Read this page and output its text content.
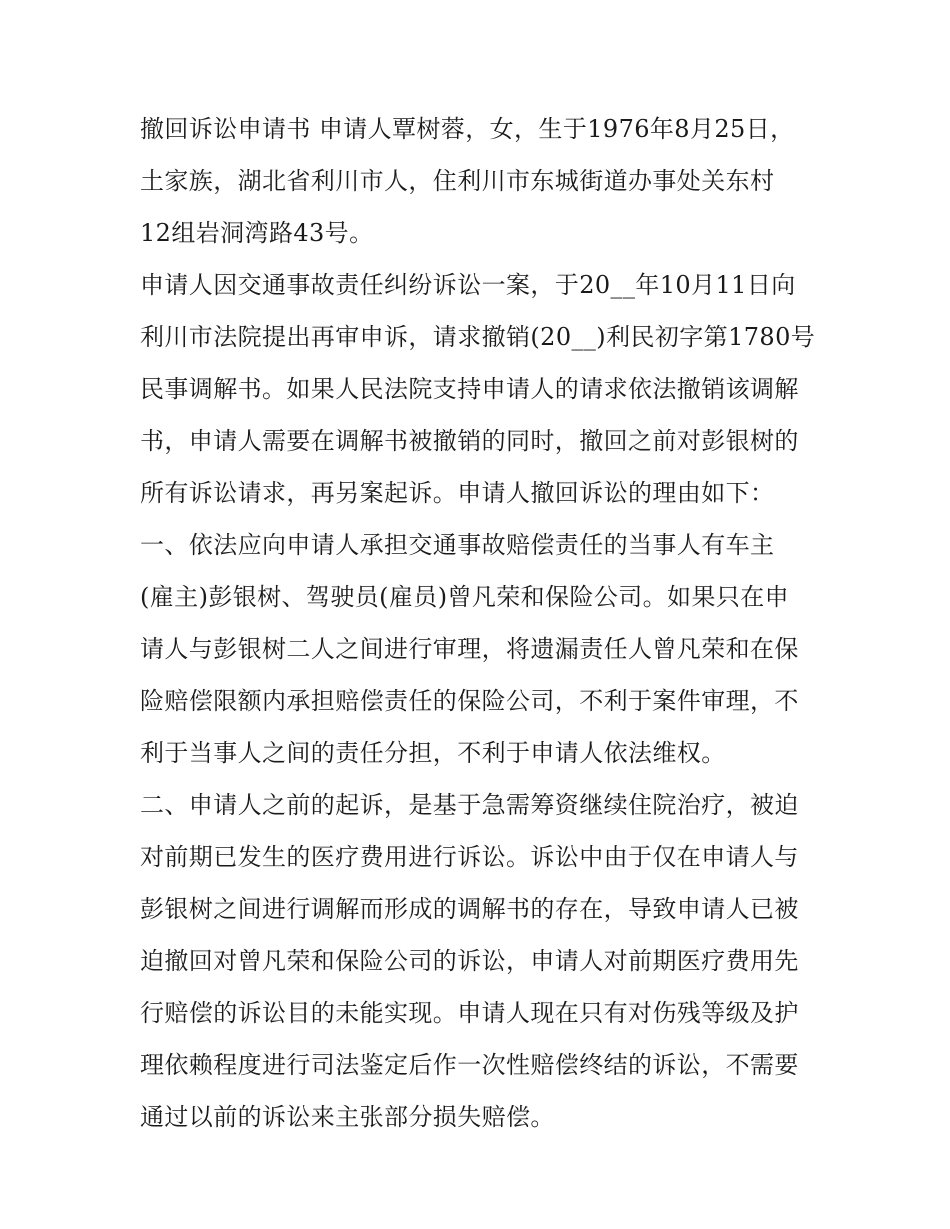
撤回诉讼申请书 申请人覃树蓉，女，生于1976年8月25日，
土家族，湖北省利川市人，住利川市东城街道办事处关东村
12组岩洞湾路43号。
申请人因交通事故责任纠纷诉讼一案，于20__年10月11日向
利川市法院提出再审申诉，请求撤销(20__)利民初字第1780号
民事调解书。如果人民法院支持申请人的请求依法撤销该调解
书，申请人需要在调解书被撤销的同时，撤回之前对彭银树的
所有诉讼请求，再另案起诉。申请人撤回诉讼的理由如下：
一、依法应向申请人承担交通事故赔偿责任的当事人有车主
(雇主)彭银树、驾驶员(雇员)曾凡荣和保险公司。如果只在申
请人与彭银树二人之间进行审理，将遗漏责任人曾凡荣和在保
险赔偿限额内承担赔偿责任的保险公司，不利于案件审理，不
利于当事人之间的责任分担，不利于申请人依法维权。
二、申请人之前的起诉，是基于急需筹资继续住院治疗，被迫
对前期已发生的医疗费用进行诉讼。诉讼中由于仅在申请人与
彭银树之间进行调解而形成的调解书的存在，导致申请人已被
迫撤回对曾凡荣和保险公司的诉讼，申请人对前期医疗费用先
行赔偿的诉讼目的未能实现。申请人现在只有对伤残等级及护
理依赖程度进行司法鉴定后作一次性赔偿终结的诉讼，不需要
通过以前的诉讼来主张部分损失赔偿。
